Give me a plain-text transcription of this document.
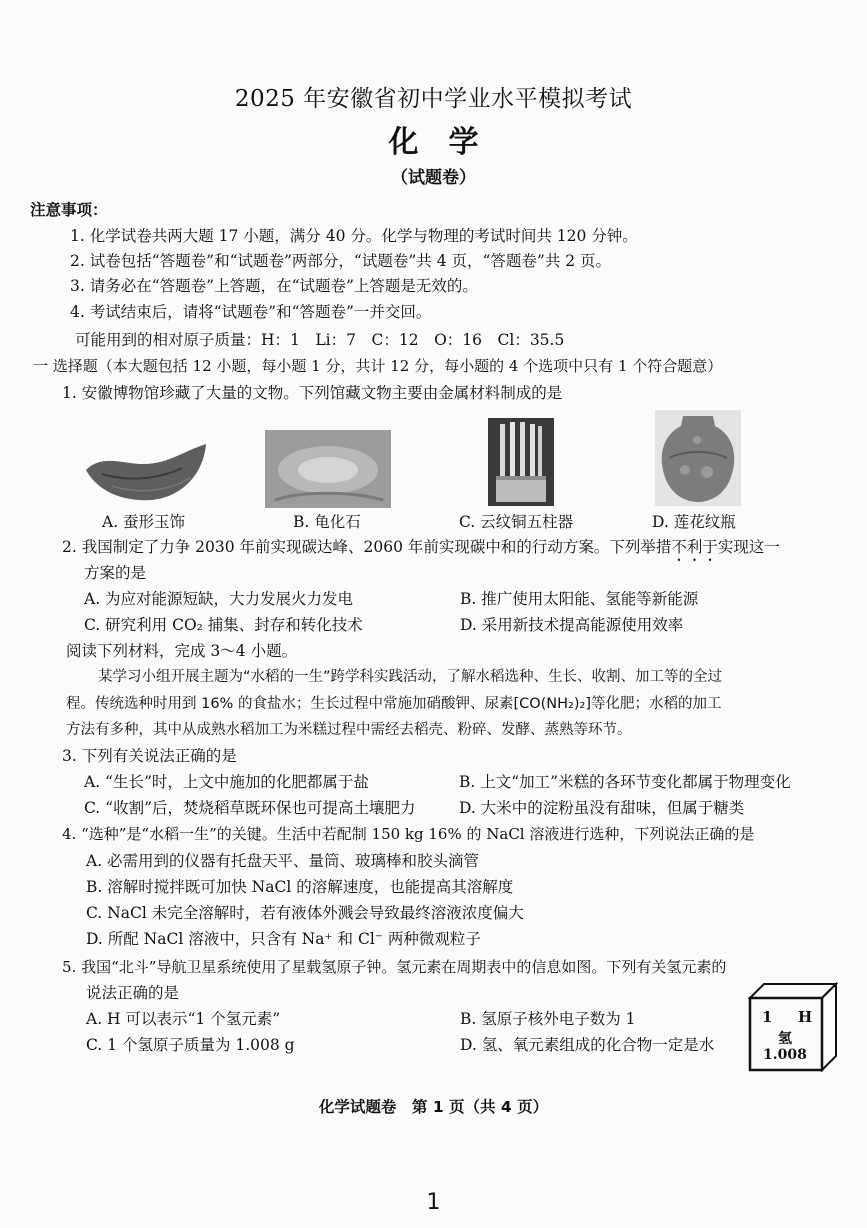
2025 年安徽省初中学业水平模拟考试
化　学
（试题卷）
注意事项：
1. 化学试卷共两大题 17 小题，满分 40 分。化学与物理的考试时间共 120 分钟。
2. 试卷包括“答题卷”和“试题卷”两部分，“试题卷”共 4 页，“答题卷”共 2 页。
3. 请务必在“答题卷”上答题，在“试题卷”上答题是无效的。
4. 考试结束后，请将“试题卷”和“答题卷”一并交回。
可能用到的相对原子质量：H：1　Li：7　C：12　O：16　Cl：35.5
一 选择题（本大题包括 12 小题，每小题 1 分，共计 12 分，每小题的 4 个选项中只有 1 个符合题意）
1. 安徽博物馆珍藏了大量的文物。下列馆藏文物主要由金属材料制成的是
A. 蚕形玉饰	B. 龟化石	C. 云纹铜五柱器	D. 莲花纹瓶
2. 我国制定了力争 2030 年前实现碳达峰、2060 年前实现碳中和的行动方案。下列举措不利于实现这一
方案的是
A. 为应对能源短缺，大力发展火力发电	B. 推广使用太阳能、氢能等新能源
C. 研究利用 CO₂ 捕集、封存和转化技术	D. 采用新技术提高能源使用效率
阅读下列材料，完成 3～4 小题。
某学习小组开展主题为“水稻的一生”跨学科实践活动，了解水稻选种、生长、收割、加工等的全过
程。传统选种时用到 16% 的食盐水；生长过程中常施加硝酸钾、尿素[CO(NH₂)₂]等化肥；水稻的加工
方法有多种，其中从成熟水稻加工为米糕过程中需经去稻壳、粉碎、发酵、蒸熟等环节。
3. 下列有关说法正确的是
A. “生长”时，上文中施加的化肥都属于盐	B. 上文“加工”米糕的各环节变化都属于物理变化
C. “收割”后，焚烧稻草既环保也可提高土壤肥力	D. 大米中的淀粉虽没有甜味，但属于糖类
4. “选种”是“水稻一生”的关键。生活中若配制 150 kg 16% 的 NaCl 溶液进行选种，下列说法正确的是
A. 必需用到的仪器有托盘天平、量筒、玻璃棒和胶头滴管
B. 溶解时搅拌既可加快 NaCl 的溶解速度，也能提高其溶解度
C. NaCl 未完全溶解时，若有液体外溅会导致最终溶液浓度偏大
D. 所配 NaCl 溶液中，只含有 Na⁺ 和 Cl⁻ 两种微观粒子
5. 我国“北斗”导航卫星系统使用了星载氢原子钟。氢元素在周期表中的信息如图。下列有关氢元素的
说法正确的是
A. H 可以表示“1 个氢元素”	B. 氢原子核外电子数为 1
C. 1 个氢原子质量为 1.008 g	D. 氢、氧元素组成的化合物一定是水
1 H
氢
1.008
化学试题卷　第 1 页（共 4 页）
1
